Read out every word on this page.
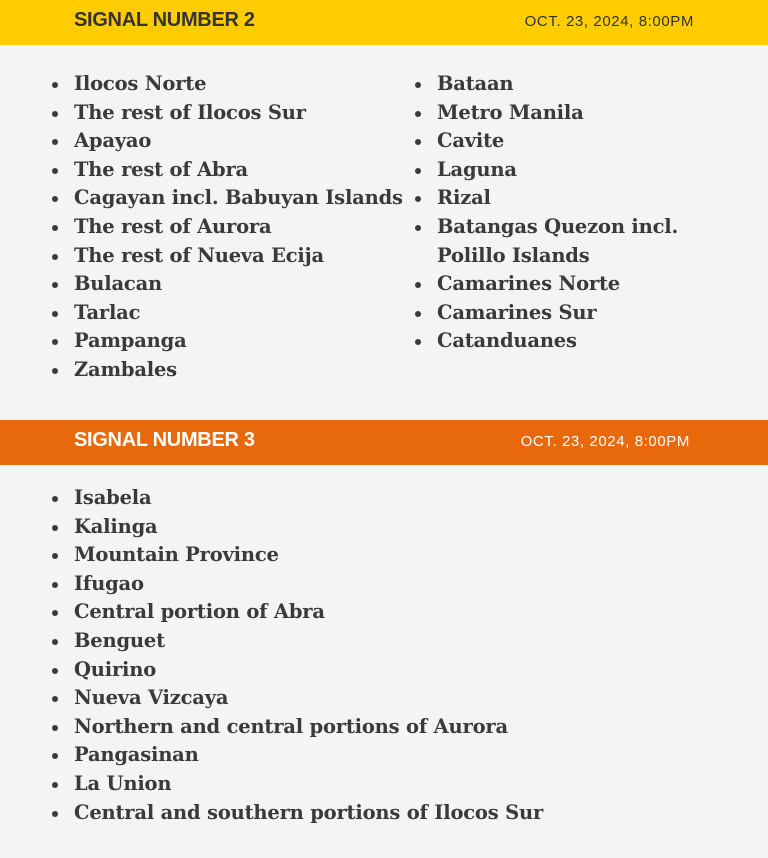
SIGNAL NUMBER 2	OCT. 23, 2024, 8:00PM
Ilocos Norte
The rest of Ilocos Sur
Apayao
The rest of Abra
Cagayan incl. Babuyan Islands
The rest of Aurora
The rest of Nueva Ecija
Bulacan
Tarlac
Pampanga
Zambales
Bataan
Metro Manila
Cavite
Laguna
Rizal
Batangas Quezon incl. Polillo Islands
Camarines Norte
Camarines Sur
Catanduanes
SIGNAL NUMBER 3	OCT. 23, 2024, 8:00PM
Isabela
Kalinga
Mountain Province
Ifugao
Central portion of Abra
Benguet
Quirino
Nueva Vizcaya
Northern and central portions of Aurora
Pangasinan
La Union
Central and southern portions of Ilocos Sur
